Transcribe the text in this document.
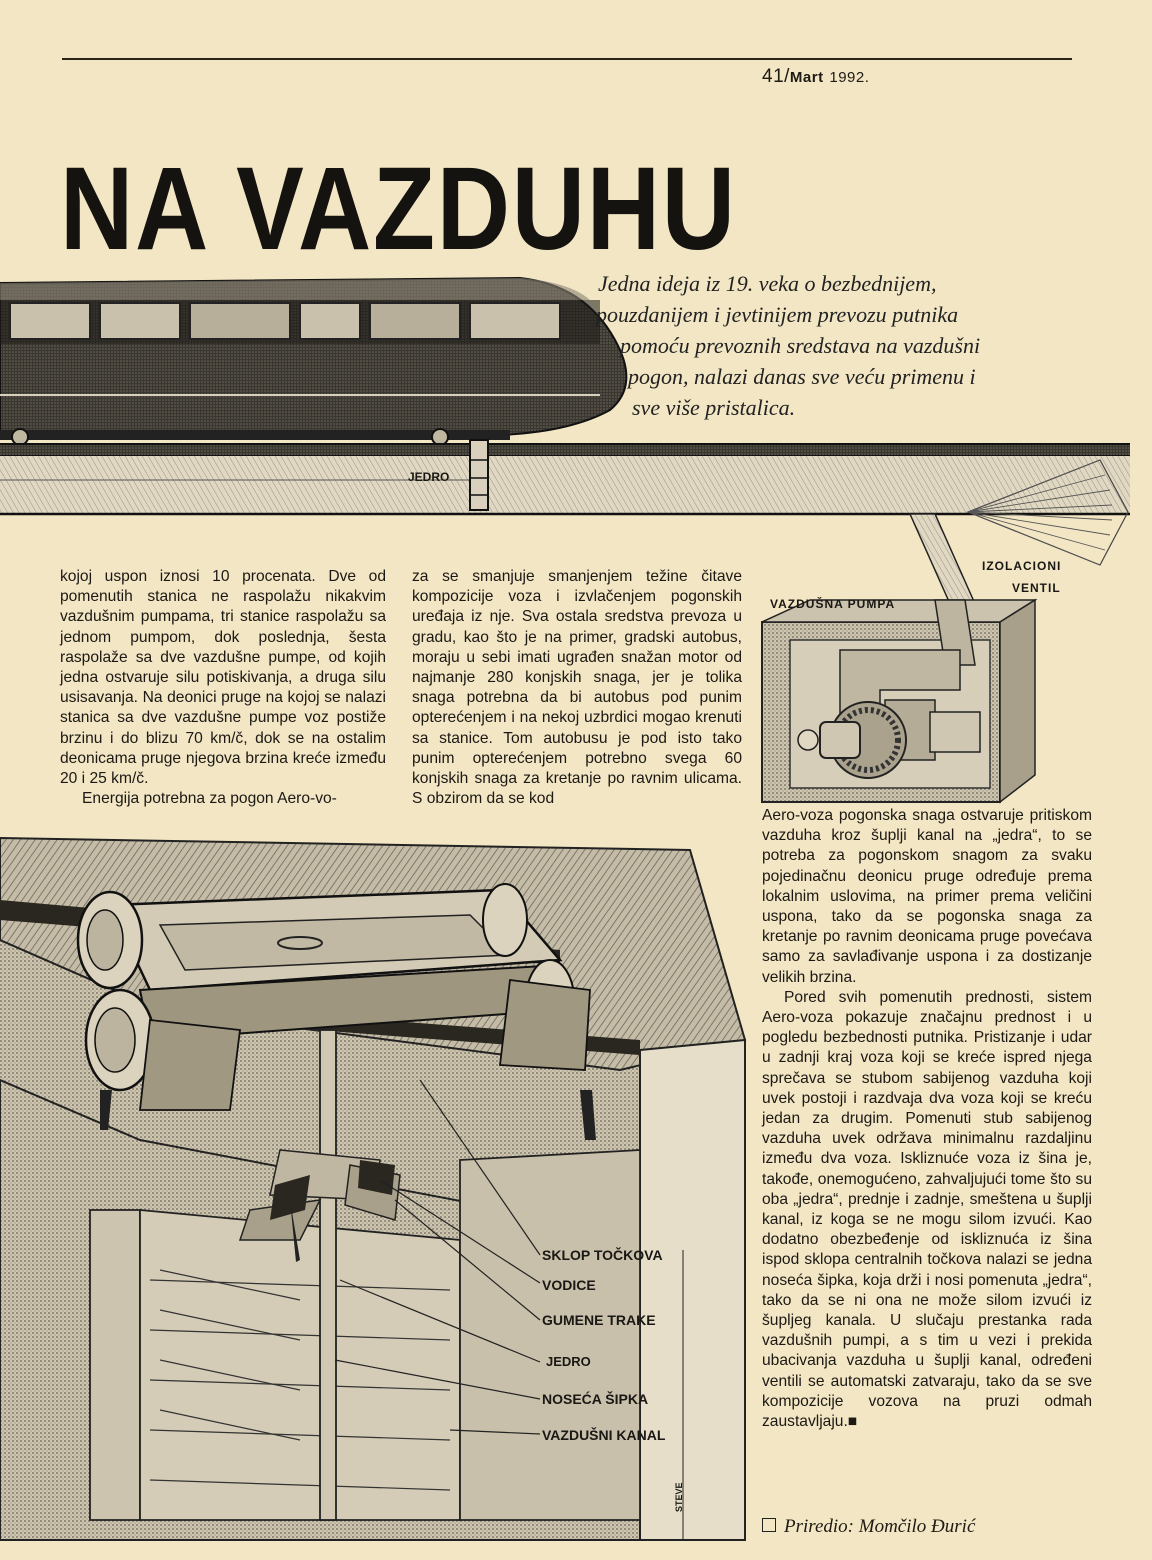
41/Mart 1992.
JEDRO
VAZDUŠNA PUMPA
IZOLACIONI
VENTIL
SKLOP TOČKOVA
VODICE
GUMENE TRAKE
JEDRO
NOSEĆA ŠIPKA
VAZDUŠNI KANAL
STEVE
NA VAZDUHU
Jedna ideja iz 19. veka o bezbednijem,
pouzdanijem i jevtinijem prevozu putnika
pomoću prevoznih sredstava na vazdušni
pogon, nalazi danas sve veću primenu i
sve više pristalica.

kojoj uspon iznosi 10 procenata. Dve od pomenutih stanica ne raspolažu nikakvim vazdušnim pumpama, tri stanice raspolažu sa jednom pumpom, dok poslednja, šesta raspolaže sa dve vazdušne pumpe, od kojih jedna ostvaruje silu potiskivanja, a druga silu usisavanja. Na deonici pruge na kojoj se nalazi stanica sa dve vazdušne pumpe voz postiže brzinu i do blizu 70 km/č, dok se na ostalim deonicama pruge njegova brzina kreće između 20 i 25 km/č.

Energija potrebna za pogon Aero-vo-

za se smanjuje smanjenjem težine čitave kompozicije voza i izvlačenjem pogonskih uređaja iz nje. Sva ostala sredstva prevoza u gradu, kao što je na primer, gradski autobus, moraju u sebi imati ugrađen snažan motor od najmanje 280 konjskih snaga, jer je tolika snaga potrebna da bi autobus pod punim opterećenjem i na nekoj uzbrdici mogao krenuti sa stanice. Tom autobusu je pod isto tako punim opterećenjem potrebno svega 60 konjskih snaga za kretanje po ravnim ulicama. S obzirom da se kod

Aero-voza pogonska snaga ostvaruje pritiskom vazduha kroz šuplji kanal na „jedra“, to se potreba za pogonskom snagom za svaku pojedinačnu deonicu pruge određuje prema lokalnim uslovima, na primer prema veličini uspona, tako da se pogonska snaga za kretanje po ravnim deonicama pruge povećava samo za savlađivanje uspona i za dostizanje velikih brzina.

Pored svih pomenutih prednosti, sistem Aero-voza pokazuje značajnu prednost i u pogledu bezbednosti putnika. Pristizanje i udar u zadnji kraj voza koji se kreće ispred njega sprečava se stubom sabijenog vazduha koji uvek postoji i razdvaja dva voza koji se kreću jedan za drugim. Pomenuti stub sabijenog vazduha uvek održava minimalnu razdaljinu između dva voza. Iskliznuće voza iz šina je, takođe, onemogućeno, zahvaljujući tome što su oba „jedra“, prednje i zadnje, smeštena u šuplji kanal, iz koga se ne mogu silom izvući. Kao dodatno obezbeđenje od iskliznuća iz šina ispod sklopa centralnih točkova nalazi se jedna noseća šipka, koja drži i nosi pomenuta „jedra“, tako da se ni ona ne može silom izvući iz šupljeg kanala. U slučaju prestanka rada vazdušnih pumpi, a s tim u vezi i prekida ubacivanja vazduha u šuplji kanal, određeni ventili se automatski zatvaraju, tako da se sve kompozicije vozova na pruzi odmah zaustavljaju.■

Priredio: Momčilo Đurić
